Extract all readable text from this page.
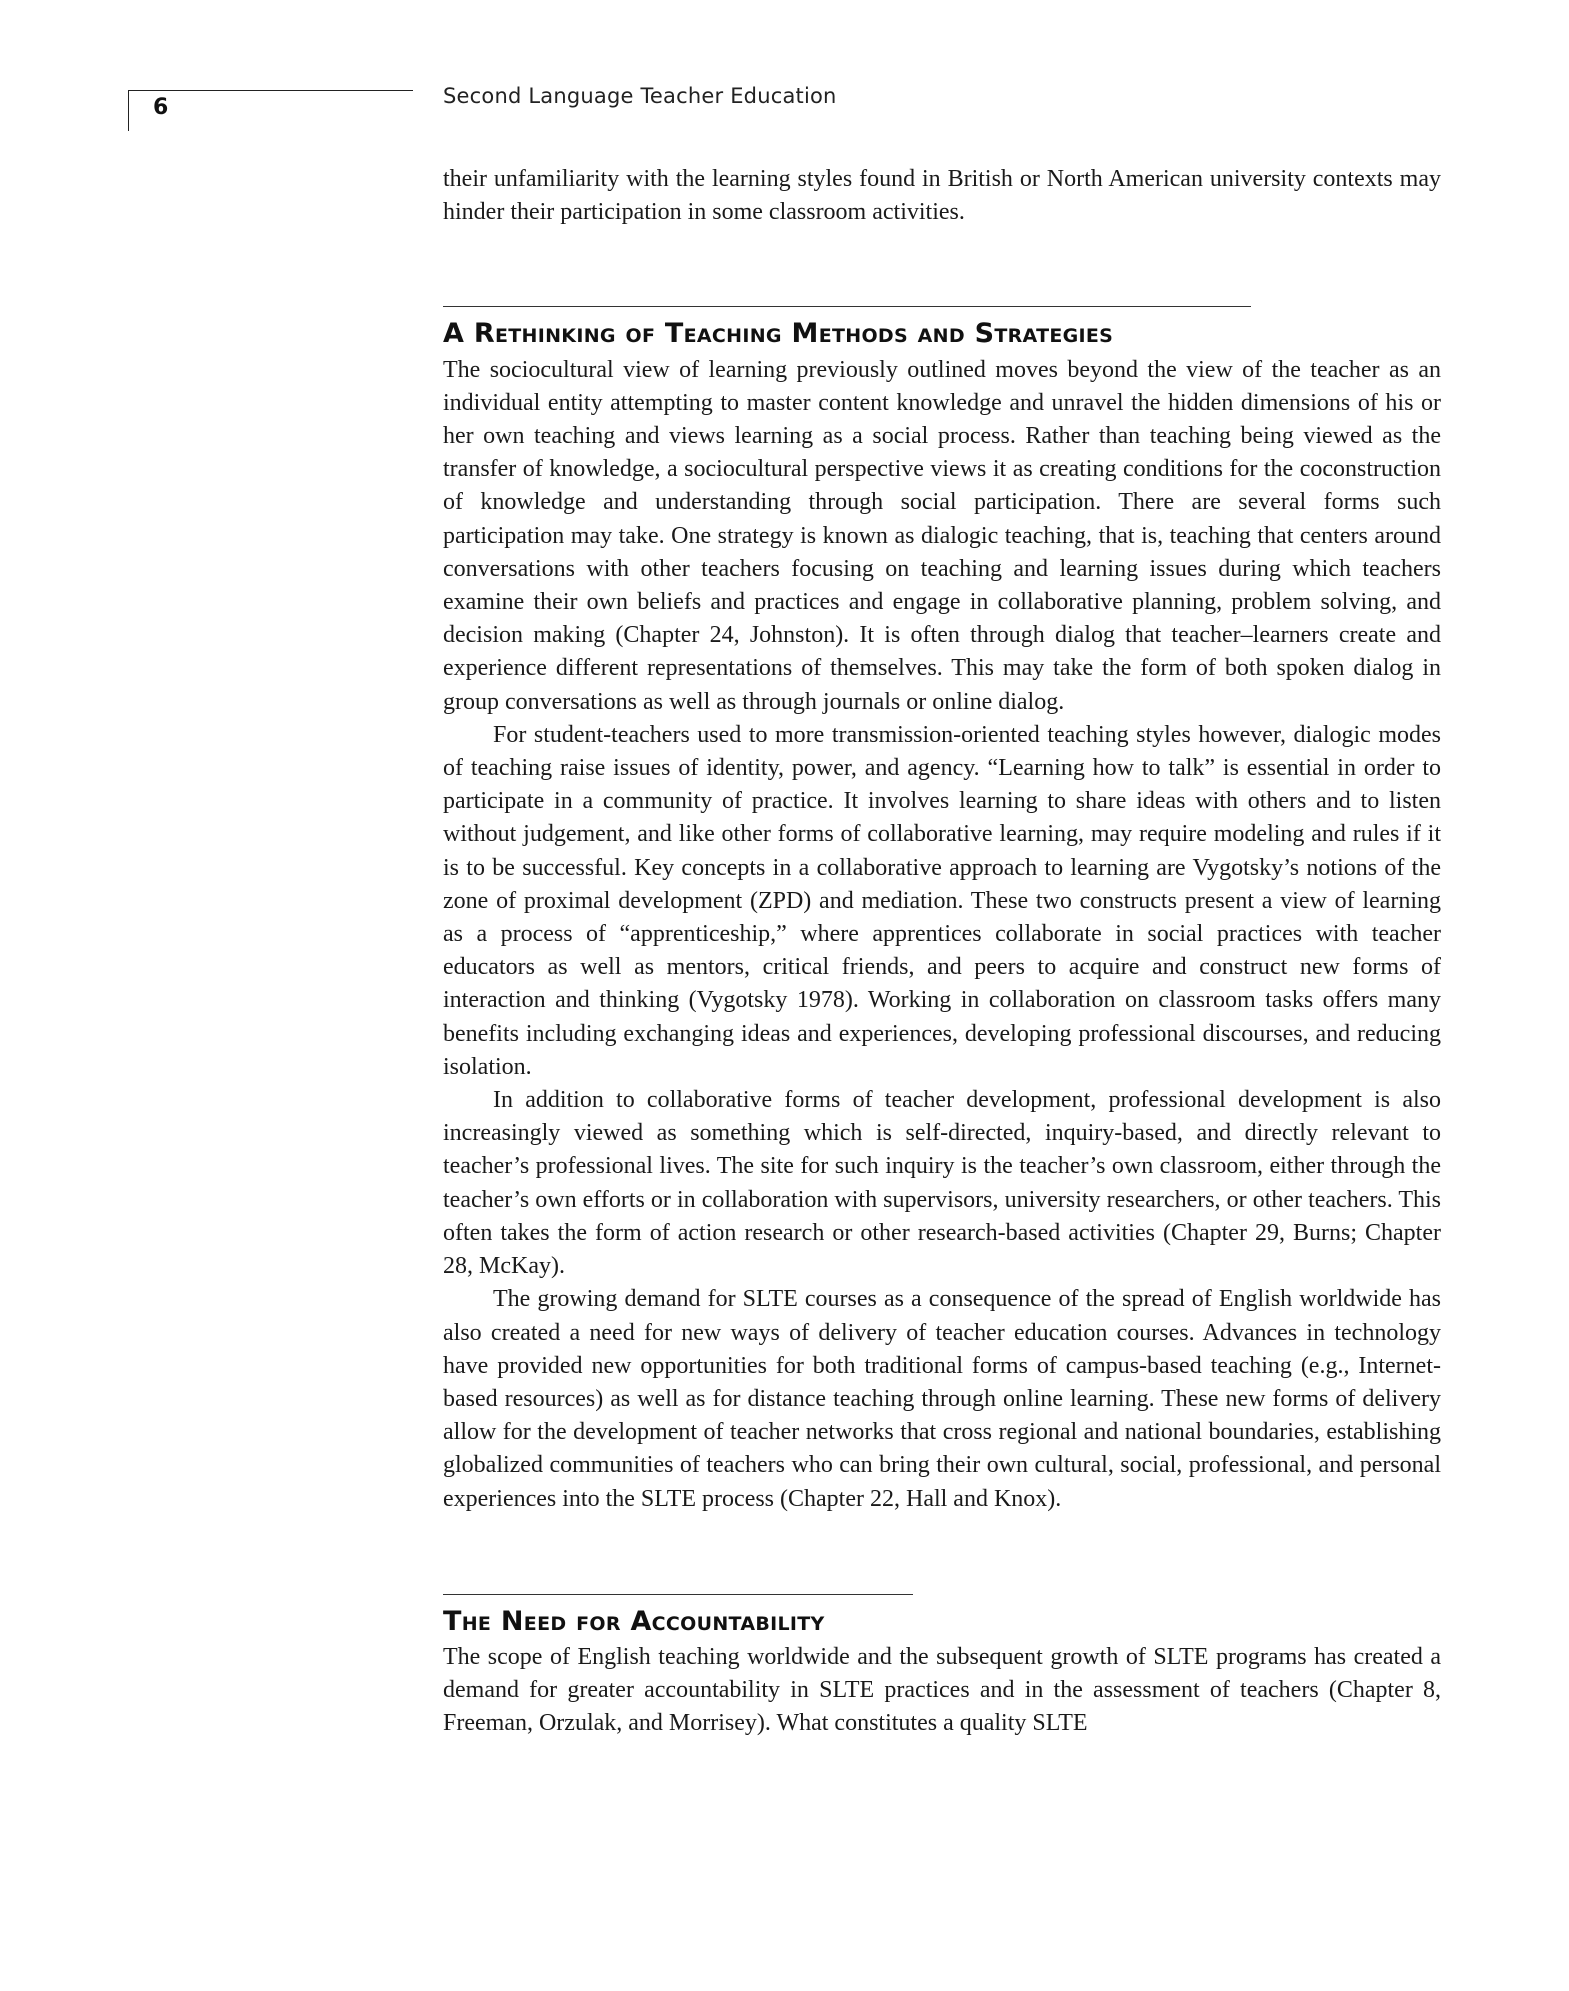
6	Second Language Teacher Education

their unfamiliarity with the learning styles found in British or North American university contexts may hinder their participation in some classroom activities.

A Rethinking of Teaching Methods and Strategies

The sociocultural view of learning previously outlined moves beyond the view of the teacher as an individual entity attempting to master content knowledge and unravel the hidden dimensions of his or her own teaching and views learning as a social process. Rather than teaching being viewed as the transfer of knowledge, a sociocultural perspective views it as creating conditions for the coconstruction of knowledge and understanding through social participation. There are several forms such participation may take. One strategy is known as dialogic teaching, that is, teaching that centers around conversations with other teachers focusing on teaching and learning issues during which teachers examine their own beliefs and practices and engage in collaborative planning, problem solving, and decision making (Chapter 24, Johnston). It is often through dialog that teacher–learners create and experience different representations of themselves. This may take the form of both spoken dialog in group conversations as well as through journals or online dialog.

For student-teachers used to more transmission-oriented teaching styles however, dialogic modes of teaching raise issues of identity, power, and agency. “Learning how to talk” is essential in order to participate in a community of practice. It involves learning to share ideas with others and to listen without judgement, and like other forms of collaborative learning, may require modeling and rules if it is to be successful. Key concepts in a collaborative approach to learning are Vygotsky’s notions of the zone of proximal development (ZPD) and mediation. These two constructs present a view of learning as a process of “apprenticeship,” where apprentices collaborate in social practices with teacher educators as well as mentors, critical friends, and peers to acquire and construct new forms of interaction and thinking (Vygotsky 1978). Working in collaboration on classroom tasks offers many benefits including exchanging ideas and experiences, developing professional discourses, and reducing isolation.

In addition to collaborative forms of teacher development, professional development is also increasingly viewed as something which is self-directed, inquiry-based, and directly relevant to teacher’s professional lives. The site for such inquiry is the teacher’s own classroom, either through the teacher’s own efforts or in collaboration with supervisors, university researchers, or other teachers. This often takes the form of action research or other research-based activities (Chapter 29, Burns; Chapter 28, McKay).

The growing demand for SLTE courses as a consequence of the spread of English worldwide has also created a need for new ways of delivery of teacher education courses. Advances in technology have provided new opportunities for both traditional forms of campus-based teaching (e.g., Internet-based resources) as well as for distance teaching through online learning. These new forms of delivery allow for the development of teacher networks that cross regional and national boundaries, establishing globalized communities of teachers who can bring their own cultural, social, professional, and personal experiences into the SLTE process (Chapter 22, Hall and Knox).

The Need for Accountability

The scope of English teaching worldwide and the subsequent growth of SLTE programs has created a demand for greater accountability in SLTE practices and in the assessment of teachers (Chapter 8, Freeman, Orzulak, and Morrisey). What constitutes a quality SLTE
